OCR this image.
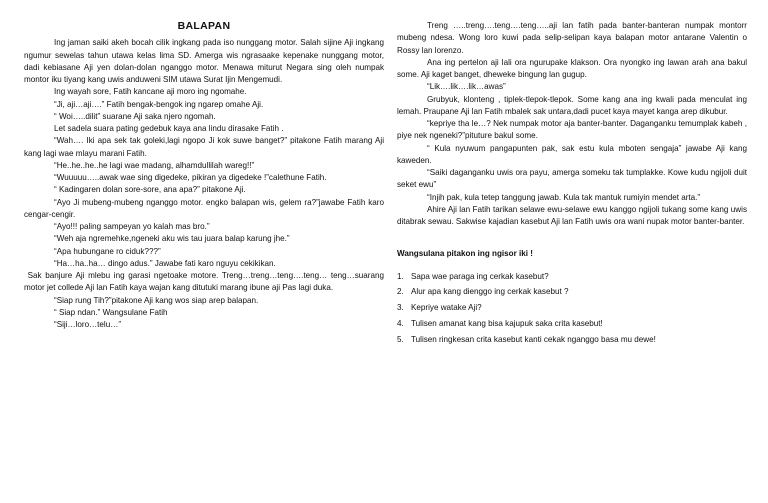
BALAPAN

Ing jaman saiki akeh bocah cilik ingkang pada iso nunggang motor. Salah sijine Aji ingkang ngumur sewelas tahun utawa kelas lima SD. Amerga wis ngrasaake kepenake nunggang motor, dadi kebiasane Aji yen dolan-dolan nganggo motor. Menawa miturut Negara sing oleh numpak montor iku tiyang kang uwis anduweni SIM utawa Surat Ijin Mengemudi.

Ing wayah sore, Fatih kancane aji moro ing ngomahe.

“Ji, aji…aji….” Fatih bengak-bengok ing ngarep omahe Aji.

“ Woi…..dilit” suarane Aji saka njero ngomah.

Let sadela suara pating gedebuk kaya ana lindu dirasake Fatih .

“Wah…. Iki apa sek tak goleki,lagi ngopo Ji kok suwe banget?” pitakone Fatih marang Aji kang lagi wae mlayu marani Fatih.

“He..he..he..he lagi wae madang, alhamdullilah wareg!!”

“Wuuuuu…..awak wae sing digedeke, pikiran ya digedeke !”calethune Fatih.

“ Kadingaren dolan sore-sore, ana apa?” pitakone Aji.

“Ayo Ji mubeng-mubeng nganggo motor. engko balapan wis, gelem ra?”jawabe Fatih karo cengar-cengir.

“Ayo!!! paling sampeyan yo kalah mas bro.”

“Weh aja ngremehke,ngeneki aku wis tau juara balap karung jhe.”

“Apa hubungane ro ciduk???”

“Ha…ha..ha… dingo adus.” Jawabe fati karo nguyu cekikikan.

Sak banjure Aji mlebu ing garasi ngetoake motore. Treng…treng…teng….teng… teng…suarang motor jet collede Aji lan Fatih kaya wajan kang ditutuki marang ibune aji Pas lagi duka.

“Siap rung Tih?”pitakone Aji kang wos siap arep balapan.

“ Siap ndan.” Wangsulane Fatih

“Siji…loro…telu…”

Treng …..treng….teng….teng…..aji lan fatih pada banter-banteran numpak montorr mubeng ndesa. Wong loro kuwi pada selip-selipan kaya balapan motor antarane Valentin o Rossy lan lorenzo.

Ana ing pertelon aji lali ora ngurupake klakson. Ora nyongko ing lawan arah ana bakul some. Aji kaget banget, dheweke bingung lan gugup.

“Lik….lik….lik…awas”

Grubyuk, klonteng , tiplek-tlepok-tlepok. Some kang ana ing kwali pada menculat ing lemah. Praupane Aji lan Fatih mbalek sak untara,dadi pucet kaya mayet kanga arep dikubur.

“kepriye tha le…? Nek numpak motor aja banter-banter. Daganganku temumplak kabeh , piye nek ngeneki?”pituture bakul some.

“ Kula nyuwum pangapunten pak, sak estu kula mboten sengaja” jawabe Aji kang kaweden.

“Saiki daganganku uwis ora payu, amerga someku tak tumplakke. Kowe kudu ngijoli duit seket ewu”

“Injih pak, kula tetep tanggung jawab. Kula tak mantuk rumiyin mendet arta.”

Ahire Aji lan Fatih tarikan selawe ewu-selawe ewu kanggo ngijoli tukang some kang uwis ditabrak sewau. Sakwise kajadian kasebut Aji lan Fatih uwis ora wani nupak motor banter-banter.

Wangsulana pitakon ing ngisor iki !

1. Sapa wae paraga ing cerkak kasebut?
2. Alur apa kang dienggo ing cerkak kasebut ?
3. Kepriye watake Aji?
4. Tulisen amanat kang bisa kajupuk saka crita kasebut!
5. Tulisen ringkesan crita kasebut kanti cekak nganggo basa mu dewe!
